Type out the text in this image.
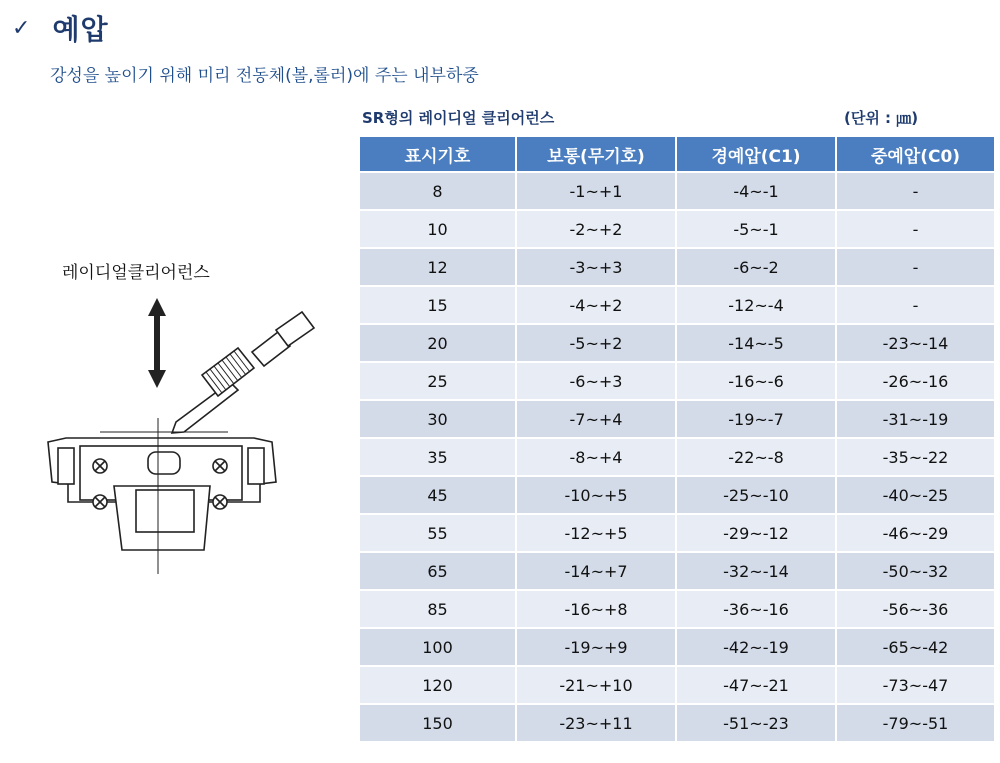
✓ 예압
강성을 높이기 위해 미리 전동체(볼,롤러)에 주는 내부하중
SR형의 레이디얼 클리어런스	(단위 : ㎛)
표시기호	보통(무기호)	경예압(C1)	중예압(C0)
8	-1~+1	-4~-1	-
10	-2~+2	-5~-1	-
12	-3~+3	-6~-2	-
15	-4~+2	-12~-4	-
20	-5~+2	-14~-5	-23~-14
25	-6~+3	-16~-6	-26~-16
30	-7~+4	-19~-7	-31~-19
35	-8~+4	-22~-8	-35~-22
45	-10~+5	-25~-10	-40~-25
55	-12~+5	-29~-12	-46~-29
65	-14~+7	-32~-14	-50~-32
85	-16~+8	-36~-16	-56~-36
100	-19~+9	-42~-19	-65~-42
120	-21~+10	-47~-21	-73~-47
150	-23~+11	-51~-23	-79~-51
레이디얼클리어런스
